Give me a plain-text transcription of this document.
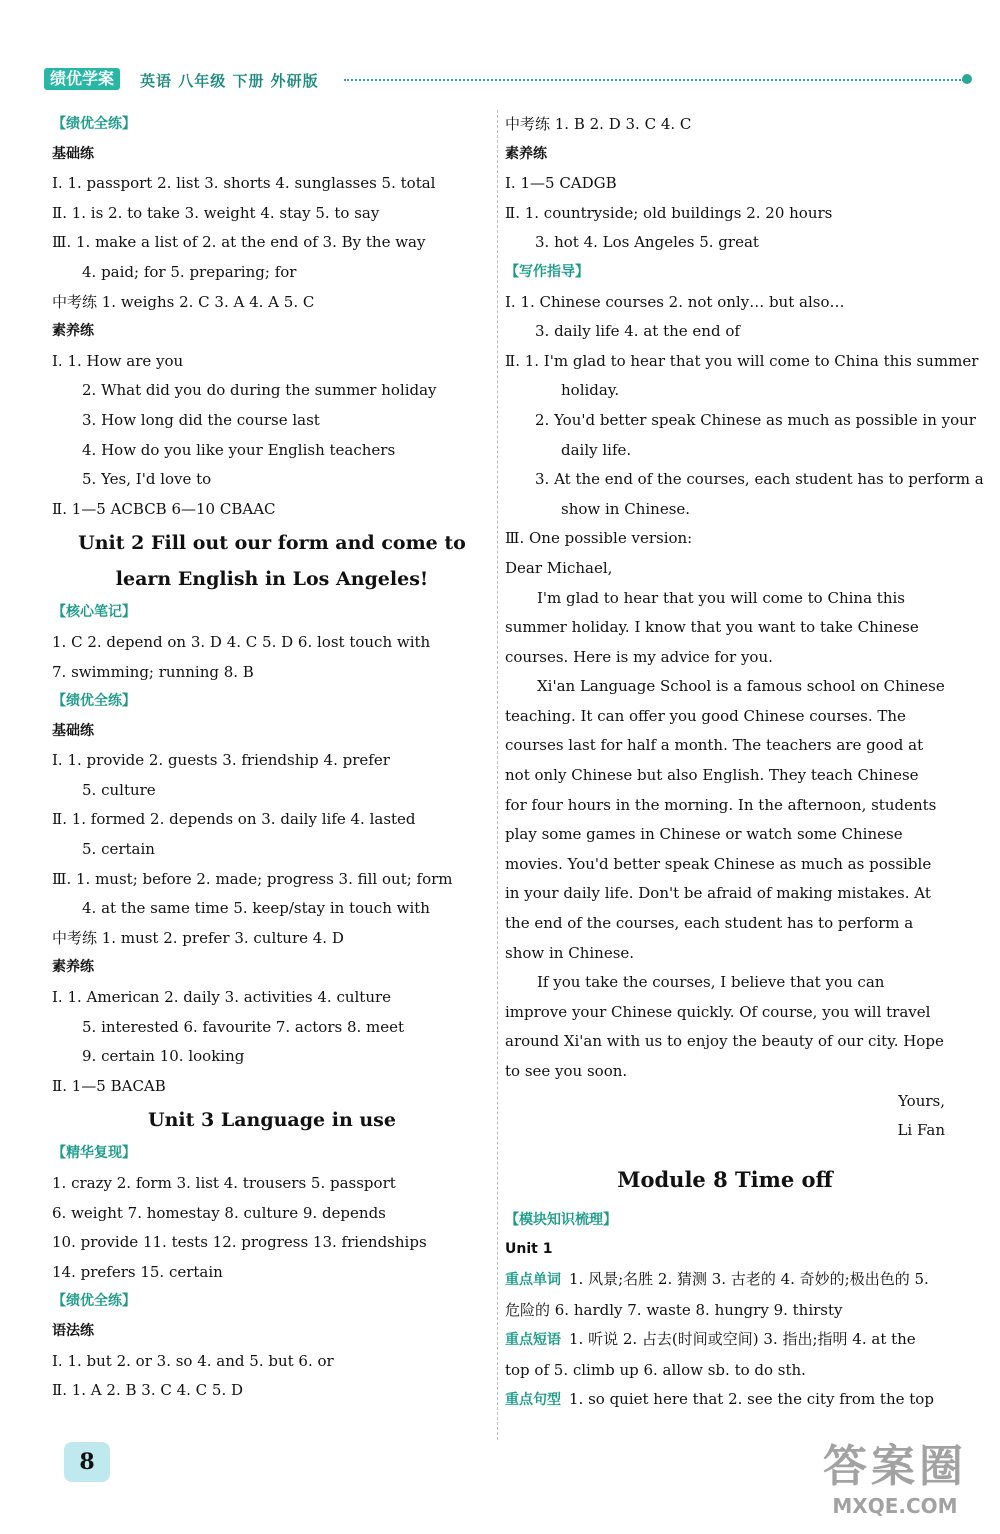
绩优学案	英语 八年级 下册 外研版
【绩优全练】
基础练
Ⅰ. 1. passport 2. list 3. shorts 4. sunglasses 5. total
Ⅱ. 1. is 2. to take 3. weight 4. stay 5. to say
Ⅲ. 1. make a list of 2. at the end of 3. By the way
4. paid; for 5. preparing; for
中考练 1. weighs 2. C 3. A 4. A 5. C
素养练
Ⅰ. 1. How are you
2. What did you do during the summer holiday
3. How long did the course last
4. How do you like your English teachers
5. Yes, I'd love to
Ⅱ. 1—5 ACBCB 6—10 CBAAC
Unit 2 Fill out our form and come to
learn English in Los Angeles!
【核心笔记】
1. C 2. depend on 3. D 4. C 5. D 6. lost touch with
7. swimming; running 8. B
【绩优全练】
基础练
Ⅰ. 1. provide 2. guests 3. friendship 4. prefer
5. culture
Ⅱ. 1. formed 2. depends on 3. daily life 4. lasted
5. certain
Ⅲ. 1. must; before 2. made; progress 3. fill out; form
4. at the same time 5. keep/stay in touch with
中考练 1. must 2. prefer 3. culture 4. D
素养练
Ⅰ. 1. American 2. daily 3. activities 4. culture
5. interested 6. favourite 7. actors 8. meet
9. certain 10. looking
Ⅱ. 1—5 BACAB
Unit 3 Language in use
【精华复现】
1. crazy 2. form 3. list 4. trousers 5. passport
6. weight 7. homestay 8. culture 9. depends
10. provide 11. tests 12. progress 13. friendships
14. prefers 15. certain
【绩优全练】
语法练
Ⅰ. 1. but 2. or 3. so 4. and 5. but 6. or
Ⅱ. 1. A 2. B 3. C 4. C 5. D
中考练 1. B 2. D 3. C 4. C
素养练
Ⅰ. 1—5 CADGB
Ⅱ. 1. countryside; old buildings 2. 20 hours
3. hot 4. Los Angeles 5. great
【写作指导】
Ⅰ. 1. Chinese courses 2. not only… but also…
3. daily life 4. at the end of
Ⅱ. 1. I'm glad to hear that you will come to China this summer
holiday.
2. You'd better speak Chinese as much as possible in your
daily life.
3. At the end of the courses, each student has to perform a
show in Chinese.
Ⅲ. One possible version:
Dear Michael,
I'm glad to hear that you will come to China this summer holiday. I know that you want to take Chinese courses. Here is my advice for you.
Xi'an Language School is a famous school on Chinese teaching. It can offer you good Chinese courses. The courses last for half a month. The teachers are good at not only Chinese but also English. They teach Chinese for four hours in the morning. In the afternoon, students play some games in Chinese or watch some Chinese movies. You'd better speak Chinese as much as possible in your daily life. Don't be afraid of making mistakes. At the end of the courses, each student has to perform a show in Chinese.
If you take the courses, I believe that you can improve your Chinese quickly. Of course, you will travel around Xi'an with us to enjoy the beauty of our city. Hope to see you soon.
Yours,
Li Fan
Module 8 Time off
【模块知识梳理】
Unit 1
重点单词 1. 风景;名胜 2. 猜测 3. 古老的 4. 奇妙的;极出色的 5. 危险的 6. hardly 7. waste 8. hungry 9. thirsty
重点短语 1. 听说 2. 占去(时间或空间) 3. 指出;指明 4. at the top of 5. climb up 6. allow sb. to do sth.
重点句型 1. so quiet here that 2. see the city from the top
8	答案圈
MXQE.COM
